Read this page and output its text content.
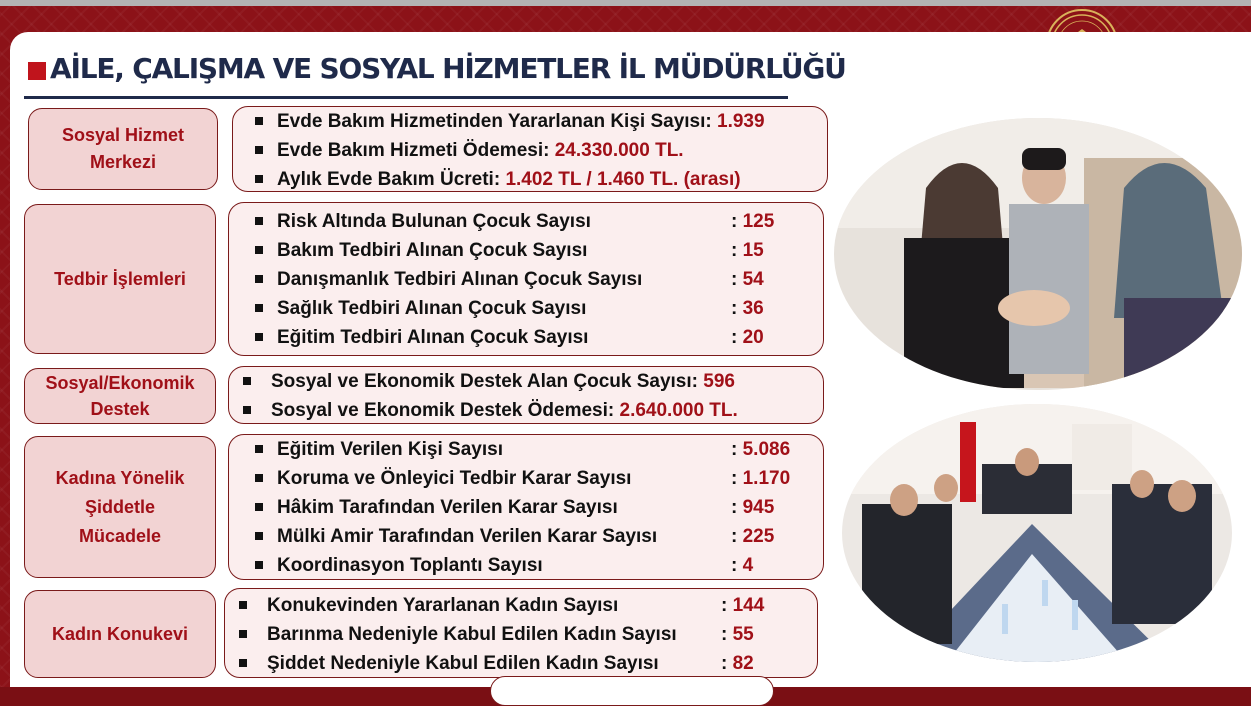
AİLE, ÇALIŞMA VE SOSYAL HİZMETLER İL MÜDÜRLÜĞÜ
Sosyal Hizmet
Merkezi
Evde Bakım Hizmetinden Yararlanan Kişi Sayısı: 1.939
Evde Bakım Hizmeti Ödemesi: 24.330.000 TL.
Aylık Evde Bakım Ücreti: 1.402 TL / 1.460 TL. (arası)
Tedbir İşlemleri
Risk Altında Bulunan Çocuk Sayısı	: 125
Bakım Tedbiri Alınan Çocuk Sayısı	: 15
Danışmanlık Tedbiri Alınan Çocuk Sayısı	: 54
Sağlık Tedbiri Alınan Çocuk Sayısı	: 36
Eğitim Tedbiri Alınan Çocuk Sayısı	: 20
Sosyal/Ekonomik
Destek
Sosyal ve Ekonomik Destek Alan Çocuk Sayısı: 596
Sosyal ve Ekonomik Destek Ödemesi: 2.640.000 TL.
Kadına Yönelik
Şiddetle
Mücadele
Eğitim Verilen Kişi Sayısı	: 5.086
Koruma ve Önleyici Tedbir Karar Sayısı	: 1.170
Hâkim Tarafından Verilen Karar Sayısı	: 945
Mülki Amir Tarafından Verilen Karar Sayısı	: 225
Koordinasyon Toplantı Sayısı	: 4
Kadın Konukevi
Konukevinden Yararlanan Kadın Sayısı	: 144
Barınma Nedeniyle Kabul Edilen Kadın Sayısı : 55
Şiddet Nedeniyle Kabul Edilen Kadın Sayısı	: 82
